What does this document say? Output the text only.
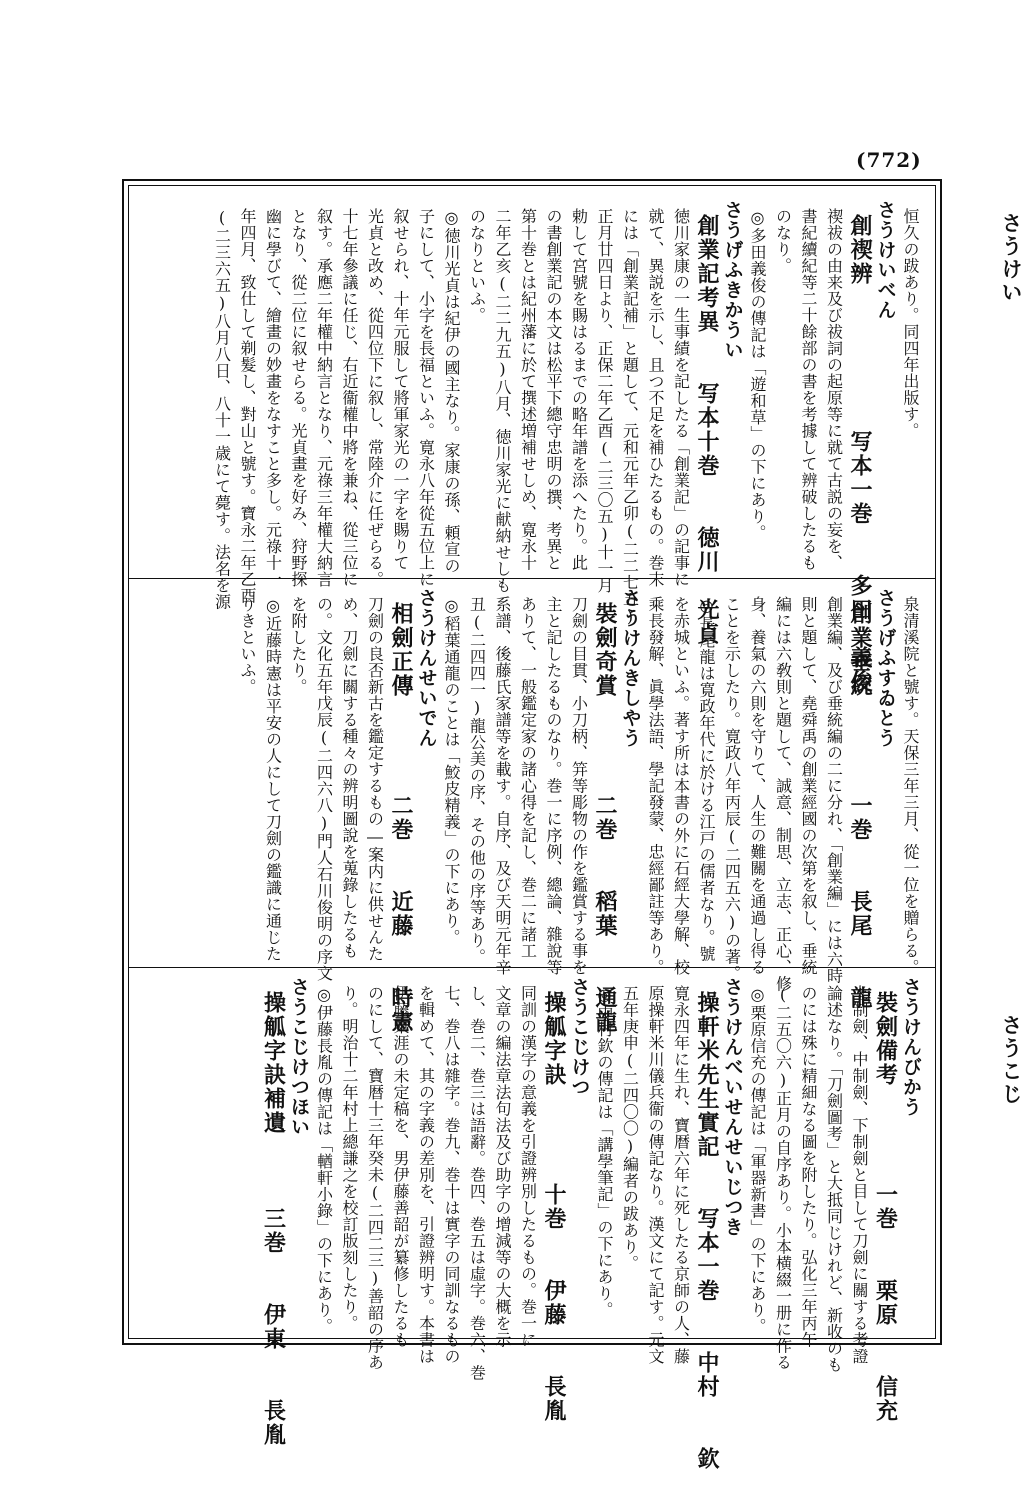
(772)
さうけい
さうこじ
恒久の跋あり。同四年出版す。
さうけいべん
創禊辨　　　　　　写本一巻　　多田　義俊
禊祓の由来及び祓詞の起原等に就て古説の妄を、
書紀續紀等二十餘部の書を考據して辨破したるも
のなり。
◎多田義俊の傳記は「遊和草」の下にあり。
さうげふきかうい
創業記考異　　写本十巻　　徳川　光貞
徳川家康の一生事績を記したる「創業記」の記事に
就て、異説を示し、且つ不足を補ひたるもの。巻末
には「創業記補」と題して、元和元年乙卯(二二七五)
正月廿四日より、正保二年乙酉(二三〇五)十一月
勅して宮號を賜はるまでの略年譜を添へたり。此
の書創業記の本文は松平下總守忠明の撰、考異と
第十巻とは紀州藩に於て撰述増補せしめ、寛永十
二年乙亥(二二九五)八月、徳川家光に献納せしも
のなりといふ。
◎徳川光貞は紀伊の國主なり。家康の孫、頼宣の
子にして、小字を長福といふ。寛永八年從五位上に
叙せられ、十年元服して將軍家光の一字を賜りて
光貞と改め、從四位下に叙し、常陸介に任ぜらる。
十七年參議に任じ、右近衞權中將を兼ね、從三位に
叙す。承應二年權中納言となり、元祿三年權大納言
となり、從二位に叙せらる。光貞畫を好み、狩野探
幽に學びて、繪畫の妙畫をなすこと多し。元祿十一
年四月、致仕して剃髮し、對山と號す。寶永二年乙酉
(二三六五)八月八日、八十一歳にて薨す。法名を源
泉清溪院と號す。天保三年三月、從一位を贈らる。
さうげふすゐとう
創業垂統　　　　一巻　　長尾　　龍
創業編、及び垂統編の二に分れ、「創業編」には六時
則と題して、堯舜禹の創業經國の次第を叙し、垂統
編には六敎則と題して、誠意、制思、立志、正心、修
身、養氣の六則を守りて、人生の難關を通過し得る
ことを示したり。寛政八年丙辰(二四五六)の著。
◎長尾龍は寛政年代に於ける江戸の儒者なり。號
を赤城といふ。著す所は本書の外に石經大學解、校
乘長發解、眞學法語、學記發蒙、忠經鄙註等あり。
さうけんきしやう
裝劍奇賞　　　　二巻　　稻葉　　通龍
刀劍の目貫、小刀柄、笄等彫物の作を鑑賞する事を
主と記したるものなり。巻一に序例、總論、雜說等
ありて、一般鑑定家の諸心得を記し、巻二に諸工
系譜、後藤氏家譜等を載す。自序、及び天明元年辛
丑(二四四一)龍公美の序、その他の序等あり。
◎稻葉通龍のことは「鮫皮精義」の下にあり。
さうけんせいでん
相劍正傳　　　　二巻　　近藤　　時憲
刀劍の良否新古を鑑定するもの―案内に供せんた
め、刀劍に關する種々の辨明圖說を蒐錄したるも
の。文化五年戊辰(二四六八)門人石川俊明の序文
を附したり。
◎近藤時憲は平安の人にして刀劍の鑑識に通じた
りきといふ。
さうけんびかう
裝劍備考　　　　一巻　　栗原　　信充
上制劍、中制劍、下制劍と目して刀劍に關する考證
論述なり。「刀劍圖考」と大抵同じけれど、新收のも
のには殊に精細なる圖を附したり。弘化三年丙午
(二五〇六)正月の自序あり。小本横綴一册に作る
◎栗原信充の傳記は「軍器新書」の下にあり。
さうけんべいせんせいじつき
操軒米先生實記　　写本一巻　　中村　　欽
寛永四年に生れ、寶暦六年に死したる京師の人、藤
原操軒米川儀兵衞の傳記なり。漢文にて記す。元文
五年庚申(二四〇〇)編者の跋あり。
◎中村欽の傳記は「講學筆記」の下にあり。
さうこじけつ
操觚字訣　　　　十巻　　伊藤　　長胤
同訓の漢字の意義を引證辨別したるもの。巻一に
文章の編法章法句法及び助字の增減等の大概を示
し、巻二、巻三は語辭。巻四、巻五は虛字。巻六、巻
七、巻八は雜字。巻九、巻十は實字の同訓なるもの
を輯めて、其の字義の差別を、引證辨明す。本書は
伊藤東涯の未定稿を、男伊藤善韶が纂修したるも
のにして、寶暦十三年癸未(二四二三)善韶の序あ
り。明治十二年村上總謙之を校訂版刻したり。
◎伊藤長胤の傳記は「輶軒小錄」の下にあり。
さうこじけつほい
操觚字訣補遺　　　三巻　　伊東　　長胤
